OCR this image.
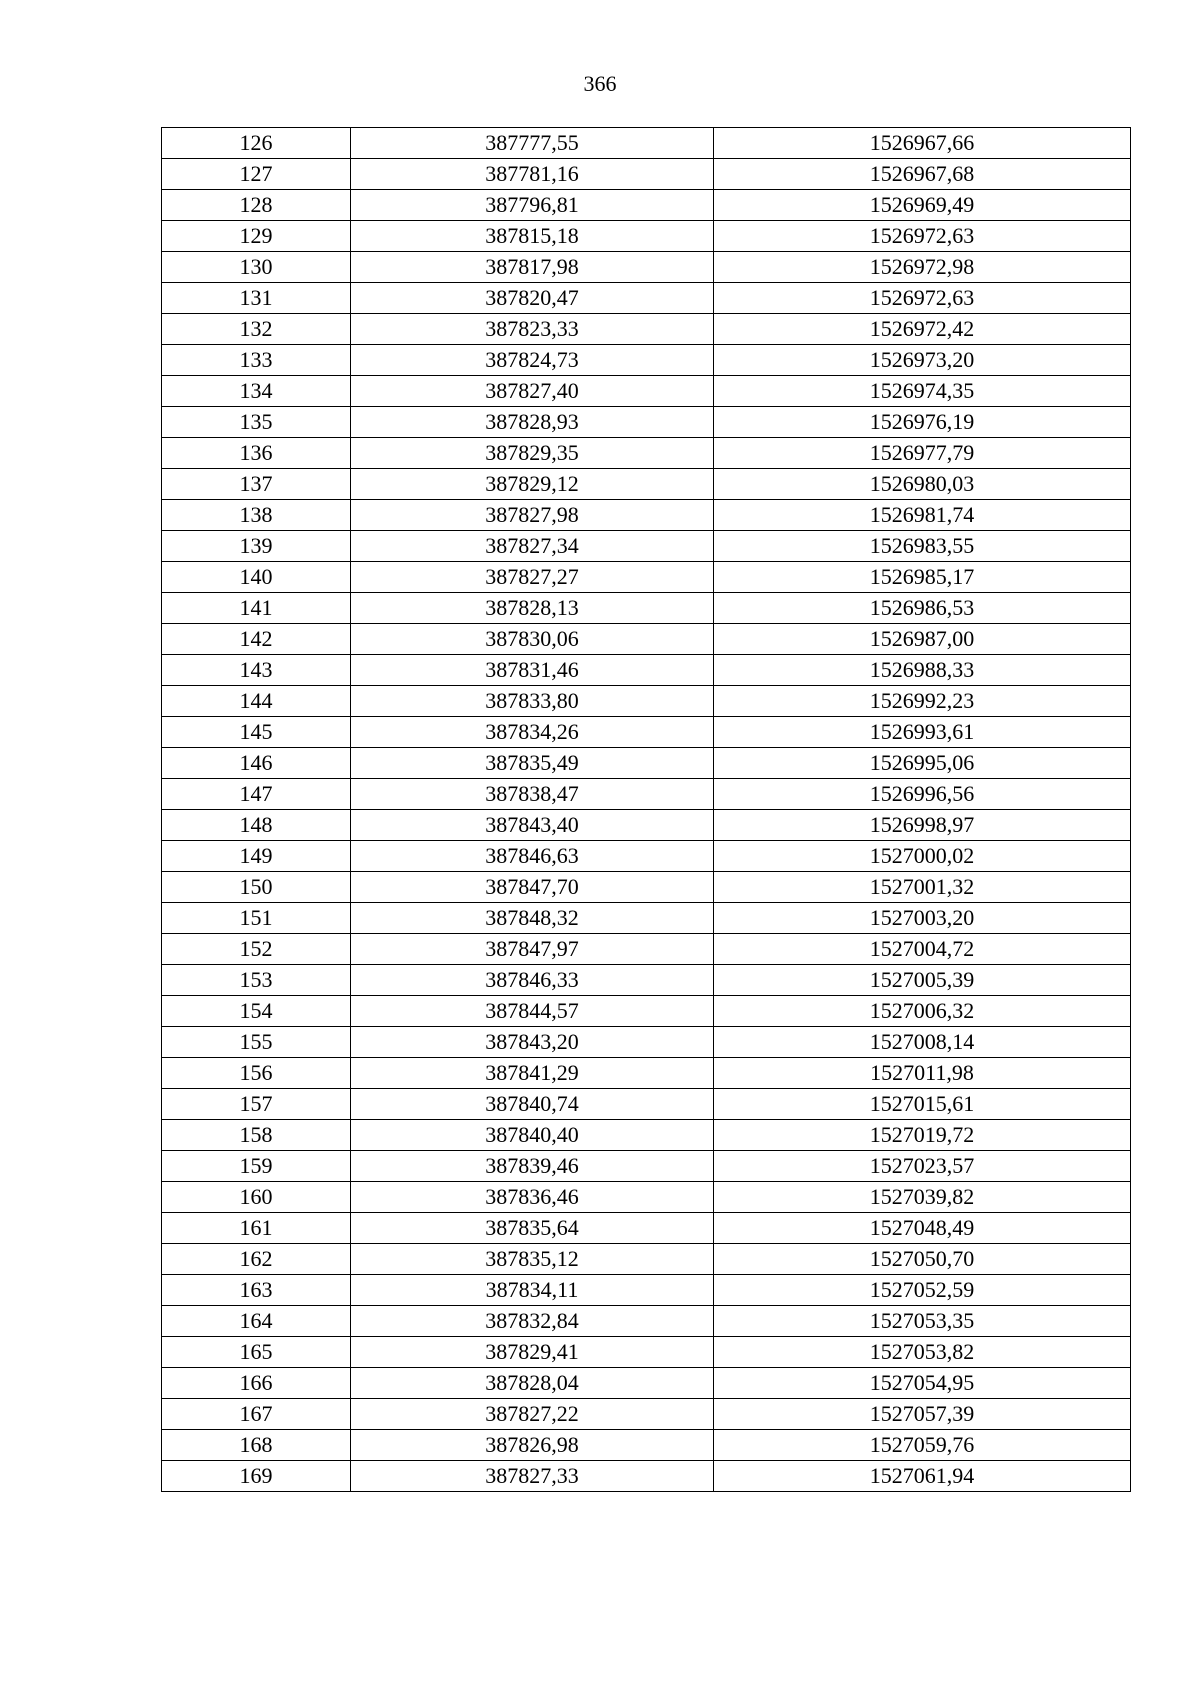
366
126	387777,55	1526967,66
127	387781,16	1526967,68
128	387796,81	1526969,49
129	387815,18	1526972,63
130	387817,98	1526972,98
131	387820,47	1526972,63
132	387823,33	1526972,42
133	387824,73	1526973,20
134	387827,40	1526974,35
135	387828,93	1526976,19
136	387829,35	1526977,79
137	387829,12	1526980,03
138	387827,98	1526981,74
139	387827,34	1526983,55
140	387827,27	1526985,17
141	387828,13	1526986,53
142	387830,06	1526987,00
143	387831,46	1526988,33
144	387833,80	1526992,23
145	387834,26	1526993,61
146	387835,49	1526995,06
147	387838,47	1526996,56
148	387843,40	1526998,97
149	387846,63	1527000,02
150	387847,70	1527001,32
151	387848,32	1527003,20
152	387847,97	1527004,72
153	387846,33	1527005,39
154	387844,57	1527006,32
155	387843,20	1527008,14
156	387841,29	1527011,98
157	387840,74	1527015,61
158	387840,40	1527019,72
159	387839,46	1527023,57
160	387836,46	1527039,82
161	387835,64	1527048,49
162	387835,12	1527050,70
163	387834,11	1527052,59
164	387832,84	1527053,35
165	387829,41	1527053,82
166	387828,04	1527054,95
167	387827,22	1527057,39
168	387826,98	1527059,76
169	387827,33	1527061,94
